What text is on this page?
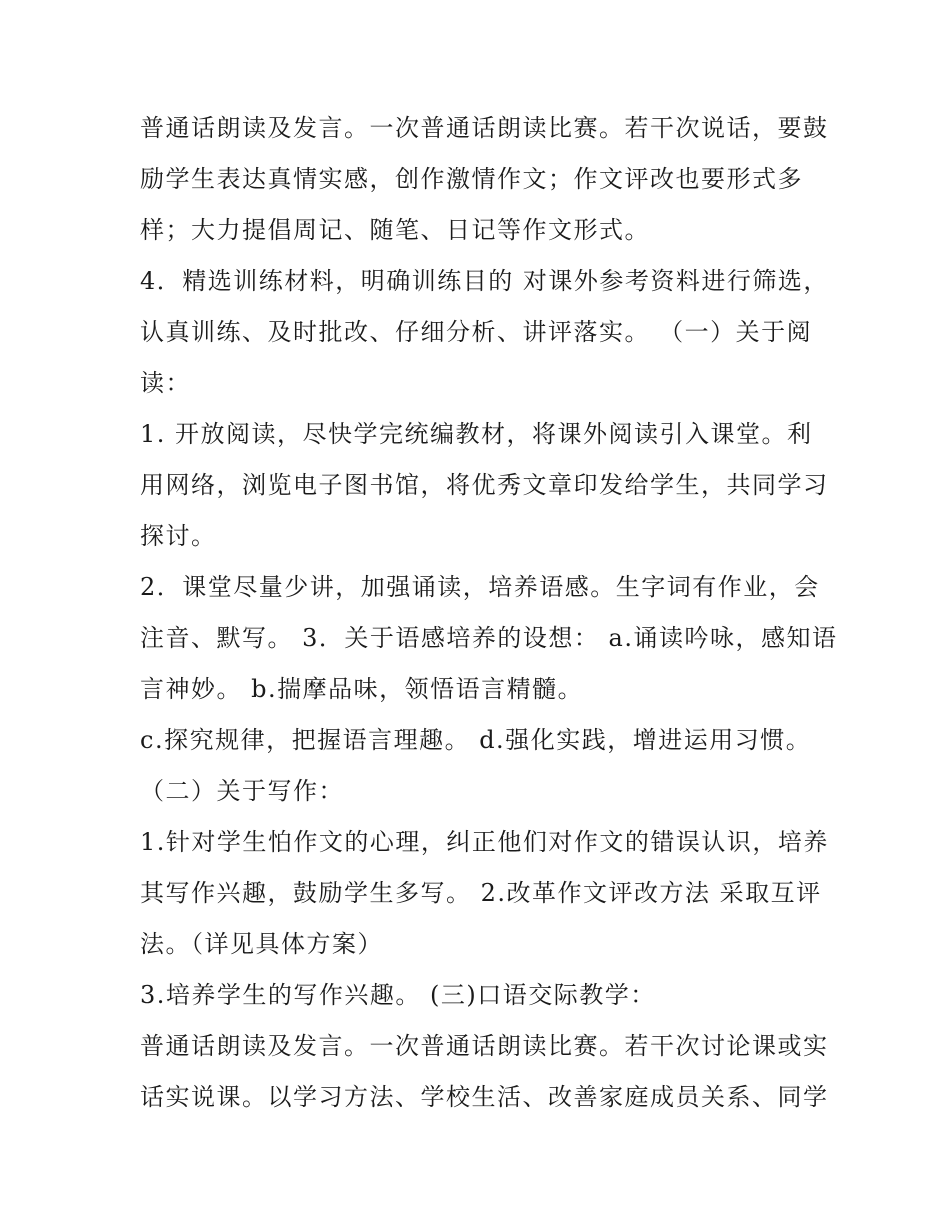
普通话朗读及发言。一次普通话朗读比赛。若干次说话，要鼓
励学生表达真情实感，创作激情作文；作文评改也要形式多
样；大力提倡周记、随笔、日记等作文形式。
4．精选训练材料，明确训练目的 对课外参考资料进行筛选，
认真训练、及时批改、仔细分析、讲评落实。 （一）关于阅
读：
1. 开放阅读，尽快学完统编教材，将课外阅读引入课堂。利
用网络，浏览电子图书馆，将优秀文章印发给学生，共同学习
探讨。
2．课堂尽量少讲，加强诵读，培养语感。生字词有作业，会
注音、默写。 3．关于语感培养的设想： a.诵读吟咏，感知语
言神妙。 b.揣摩品味，领悟语言精髓。
c.探究规律，把握语言理趣。 d.强化实践，增进运用习惯。
（二）关于写作：
1.针对学生怕作文的心理，纠正他们对作文的错误认识，培养
其写作兴趣，鼓励学生多写。 2.改革作文评改方法 采取互评
法。（详见具体方案）
3.培养学生的写作兴趣。 (三)口语交际教学：
普通话朗读及发言。一次普通话朗读比赛。若干次讨论课或实
话实说课。以学习方法、学校生活、改善家庭成员关系、同学
